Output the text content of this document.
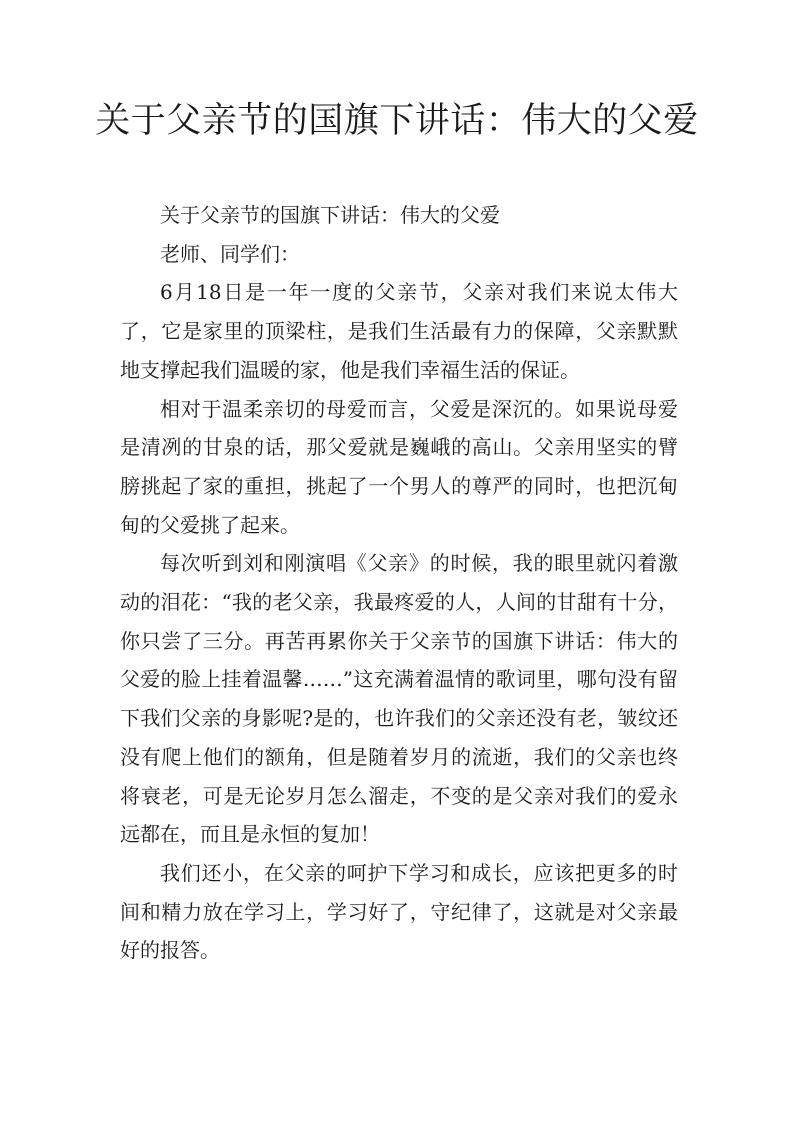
关于父亲节的国旗下讲话：伟大的父爱

关于父亲节的国旗下讲话：伟大的父爱

老师、同学们：

6月18日是一年一度的父亲节，父亲对我们来说太伟大了，它是家里的顶梁柱，是我们生活最有力的保障，父亲默默地支撑起我们温暖的家，他是我们幸福生活的保证。

相对于温柔亲切的母爱而言，父爱是深沉的。如果说母爱是清冽的甘泉的话，那父爱就是巍峨的高山。父亲用坚实的臂膀挑起了家的重担，挑起了一个男人的尊严的同时，也把沉甸甸的父爱挑了起来。

每次听到刘和刚演唱《父亲》的时候，我的眼里就闪着激动的泪花：“我的老父亲，我最疼爱的人，人间的甘甜有十分，你只尝了三分。再苦再累你关于父亲节的国旗下讲话：伟大的父爱的脸上挂着温馨……”这充满着温情的歌词里，哪句没有留下我们父亲的身影呢?是的，也许我们的父亲还没有老，皱纹还没有爬上他们的额角，但是随着岁月的流逝，我们的父亲也终将衰老，可是无论岁月怎么溜走，不变的是父亲对我们的爱永远都在，而且是永恒的复加！

我们还小，在父亲的呵护下学习和成长，应该把更多的时间和精力放在学习上，学习好了，守纪律了，这就是对父亲最好的报答。
